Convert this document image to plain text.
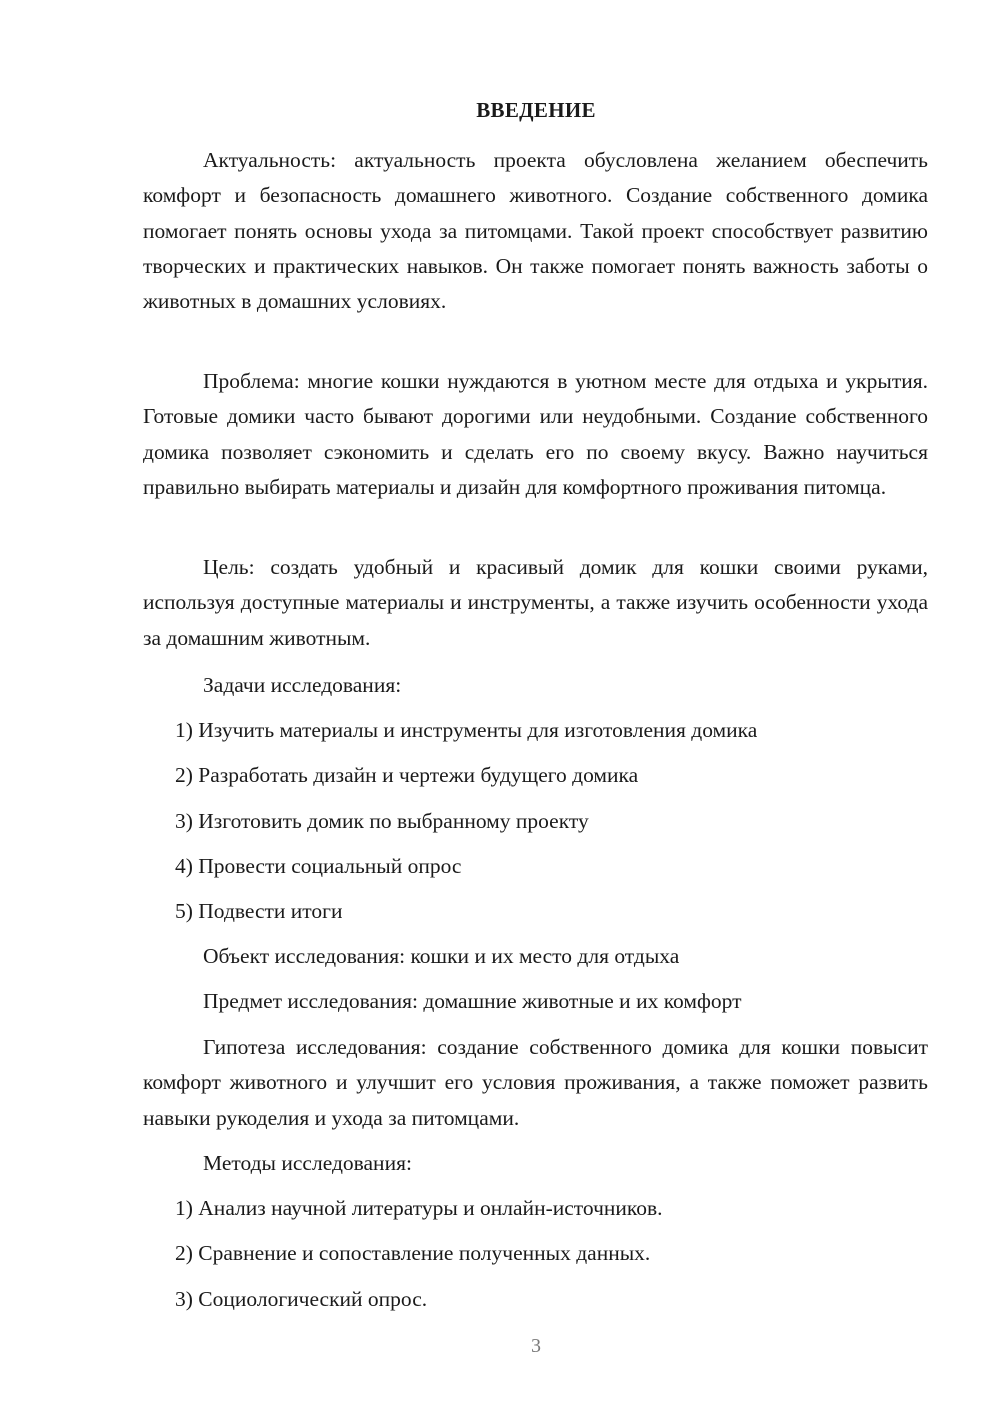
ВВЕДЕНИЕ

Актуальность: актуальность проекта обусловлена желанием обеспечить комфорт и безопасность домашнего животного. Создание собственного домика помогает понять основы ухода за питомцами. Такой проект способствует развитию творческих и практических навыков. Он также помогает понять важность заботы о животных в домашних условиях.

Проблема: многие кошки нуждаются в уютном месте для отдыха и укрытия. Готовые домики часто бывают дорогими или неудобными. Создание собственного домика позволяет сэкономить и сделать его по своему вкусу. Важно научиться правильно выбирать материалы и дизайн для комфортного проживания питомца.

Цель: создать удобный и красивый домик для кошки своими руками, используя доступные материалы и инструменты, а также изучить особенности ухода за домашним животным.

Задачи исследования:

1) Изучить материалы и инструменты для изготовления домика

2) Разработать дизайн и чертежи будущего домика

3) Изготовить домик по выбранному проекту

4) Провести социальный опрос

5) Подвести итоги

Объект исследования: кошки и их место для отдыха

Предмет исследования: домашние животные и их комфорт

Гипотеза исследования: создание собственного домика для кошки повысит комфорт животного и улучшит его условия проживания, а также поможет развить навыки рукоделия и ухода за питомцами.

Методы исследования:

1) Анализ научной литературы и онлайн-источников.

2) Сравнение и сопоставление полученных данных.

3) Социологический опрос.

3
